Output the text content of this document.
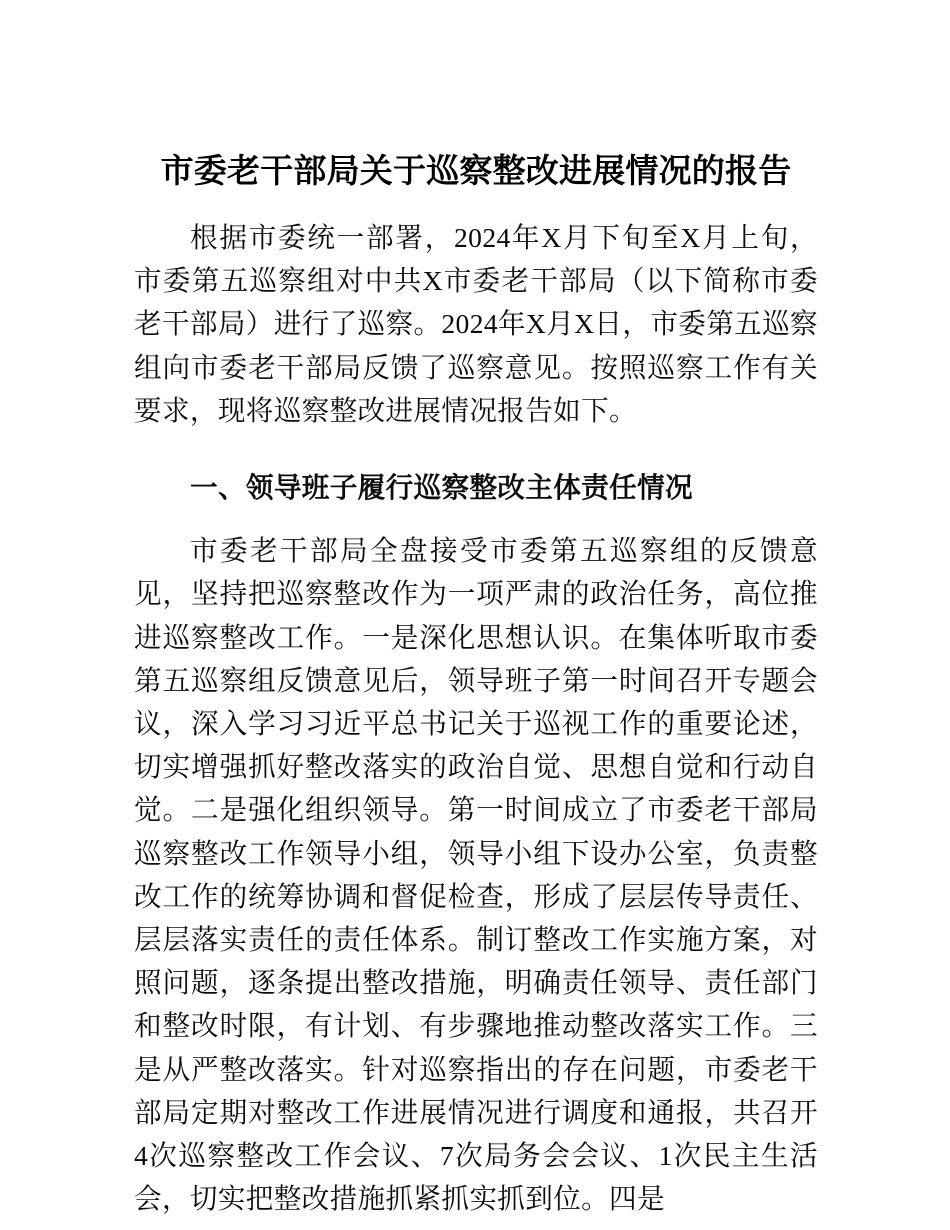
市委老干部局关于巡察整改进展情况的报告

根据市委统一部署，2024年X月下旬至X月上旬，市委第五巡察组对中共X市委老干部局（以下简称市委老干部局）进行了巡察。2024年X月X日，市委第五巡察组向市委老干部局反馈了巡察意见。按照巡察工作有关要求，现将巡察整改进展情况报告如下。

一、领导班子履行巡察整改主体责任情况

市委老干部局全盘接受市委第五巡察组的反馈意见，坚持把巡察整改作为一项严肃的政治任务，高位推进巡察整改工作。一是深化思想认识。在集体听取市委第五巡察组反馈意见后，领导班子第一时间召开专题会议，深入学习习近平总书记关于巡视工作的重要论述，切实增强抓好整改落实的政治自觉、思想自觉和行动自觉。二是强化组织领导。第一时间成立了市委老干部局巡察整改工作领导小组，领导小组下设办公室，负责整改工作的统筹协调和督促检查，形成了层层传导责任、层层落实责任的责任体系。制订整改工作实施方案，对照问题，逐条提出整改措施，明确责任领导、责任部门和整改时限，有计划、有步骤地推动整改落实工作。三是从严整改落实。针对巡察指出的存在问题，市委老干部局定期对整改工作进展情况进行调度和通报，共召开4次巡察整改工作会议、7次局务会会议、1次民主生活会，切实把整改措施抓紧抓实抓到位。四是
